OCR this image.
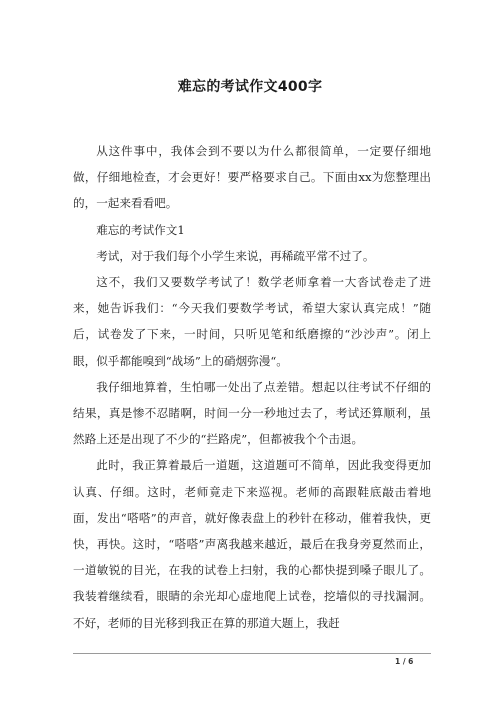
难忘的考试作文400字

从这件事中，我体会到不要以为什么都很简单，一定要仔细地做，仔细地检查，才会更好！要严格要求自己。下面由xx为您整理出的，一起来看看吧。

难忘的考试作文1

考试，对于我们每个小学生来说，再稀疏平常不过了。

这不，我们又要数学考试了！数学老师拿着一大沓试卷走了进来，她告诉我们：“今天我们要数学考试，希望大家认真完成！”随后，试卷发了下来，一时间，只听见笔和纸磨擦的“沙沙声”。闭上眼，似乎都能嗅到“战场”上的硝烟弥漫“。

我仔细地算着，生怕哪一处出了点差错。想起以往考试不仔细的结果，真是惨不忍睹啊，时间一分一秒地过去了，考试还算顺利，虽然路上还是出现了不少的“拦路虎”，但都被我个个击退。

此时，我正算着最后一道题，这道题可不简单，因此我变得更加认真、仔细。这时，老师竟走下来巡视。老师的高跟鞋底敲击着地面，发出“嗒嗒”的声音，就好像表盘上的秒针在移动，催着我快，更快，再快。这时，“嗒嗒”声离我越来越近，最后在我身旁夏然而止，一道敏锐的目光，在我的试卷上扫射，我的心都快提到嗓子眼儿了。我装着继续看，眼睛的余光却心虚地爬上试卷，挖墙似的寻找漏洞。不好，老师的目光移到我正在算的那道大题上，我赶

1 / 6
